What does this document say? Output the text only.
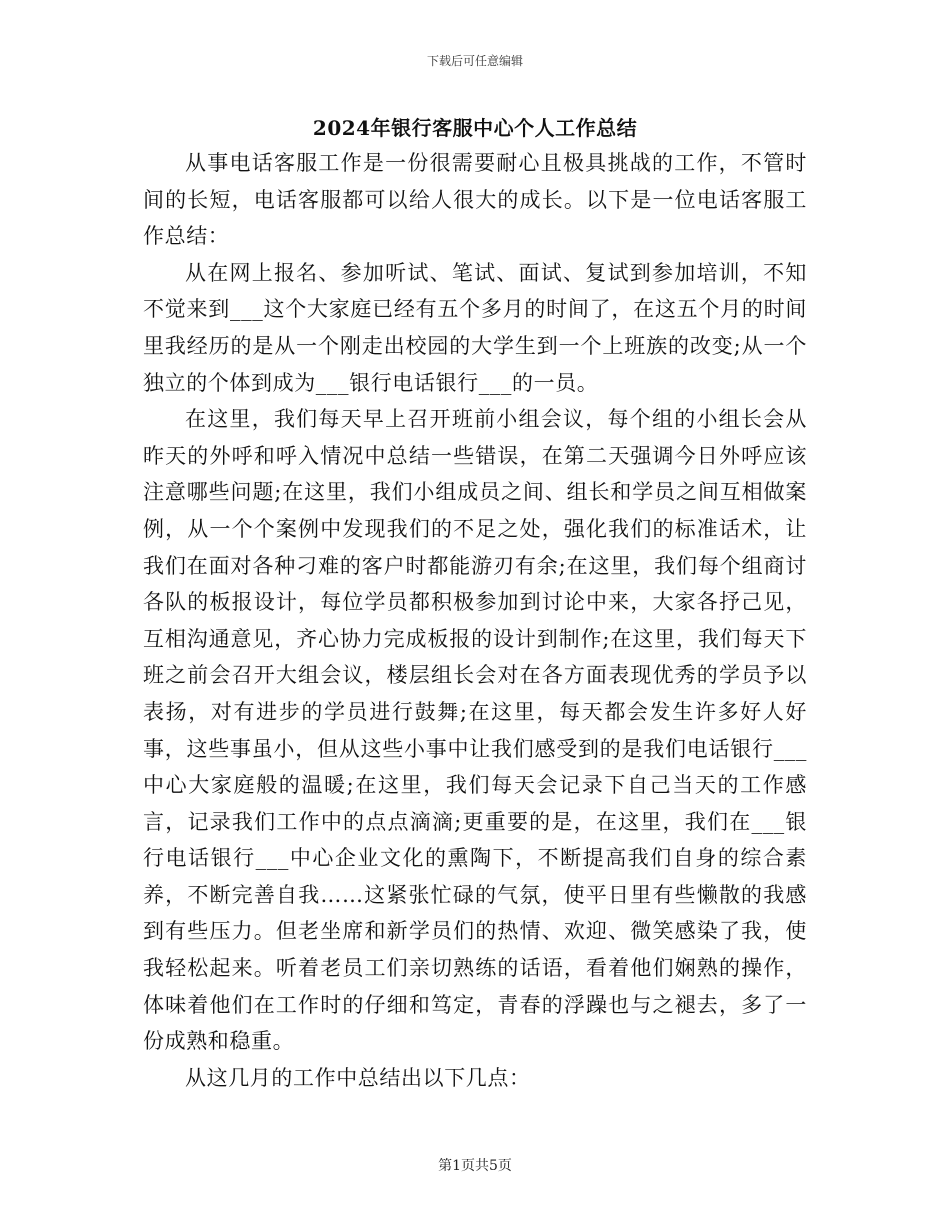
下载后可任意编辑
2024年银行客服中心个人工作总结

从事电话客服工作是一份很需要耐心且极具挑战的工作，不管时间的长短，电话客服都可以给人很大的成长。以下是一位电话客服工作总结：

从在网上报名、参加听试、笔试、面试、复试到参加培训，不知不觉来到___这个大家庭已经有五个多月的时间了，在这五个月的时间里我经历的是从一个刚走出校园的大学生到一个上班族的改变;从一个独立的个体到成为___银行电话银行___的一员。

在这里，我们每天早上召开班前小组会议，每个组的小组长会从昨天的外呼和呼入情况中总结一些错误，在第二天强调今日外呼应该注意哪些问题;在这里，我们小组成员之间、组长和学员之间互相做案例，从一个个案例中发现我们的不足之处，强化我们的标准话术，让我们在面对各种刁难的客户时都能游刃有余;在这里，我们每个组商讨各队的板报设计，每位学员都积极参加到讨论中来，大家各抒己见，互相沟通意见，齐心协力完成板报的设计到制作;在这里，我们每天下班之前会召开大组会议，楼层组长会对在各方面表现优秀的学员予以表扬，对有进步的学员进行鼓舞;在这里，每天都会发生许多好人好事，这些事虽小，但从这些小事中让我们感受到的是我们电话银行___中心大家庭般的温暖;在这里，我们每天会记录下自己当天的工作感言，记录我们工作中的点点滴滴;更重要的是，在这里，我们在___银行电话银行___中心企业文化的熏陶下，不断提高我们自身的综合素养，不断完善自我……这紧张忙碌的气氛，使平日里有些懒散的我感到有些压力。但老坐席和新学员们的热情、欢迎、微笑感染了我，使我轻松起来。听着老员工们亲切熟练的话语，看着他们娴熟的操作，体味着他们在工作时的仔细和笃定，青春的浮躁也与之褪去，多了一份成熟和稳重。

从这几月的工作中总结出以下几点：

第1页共5页
